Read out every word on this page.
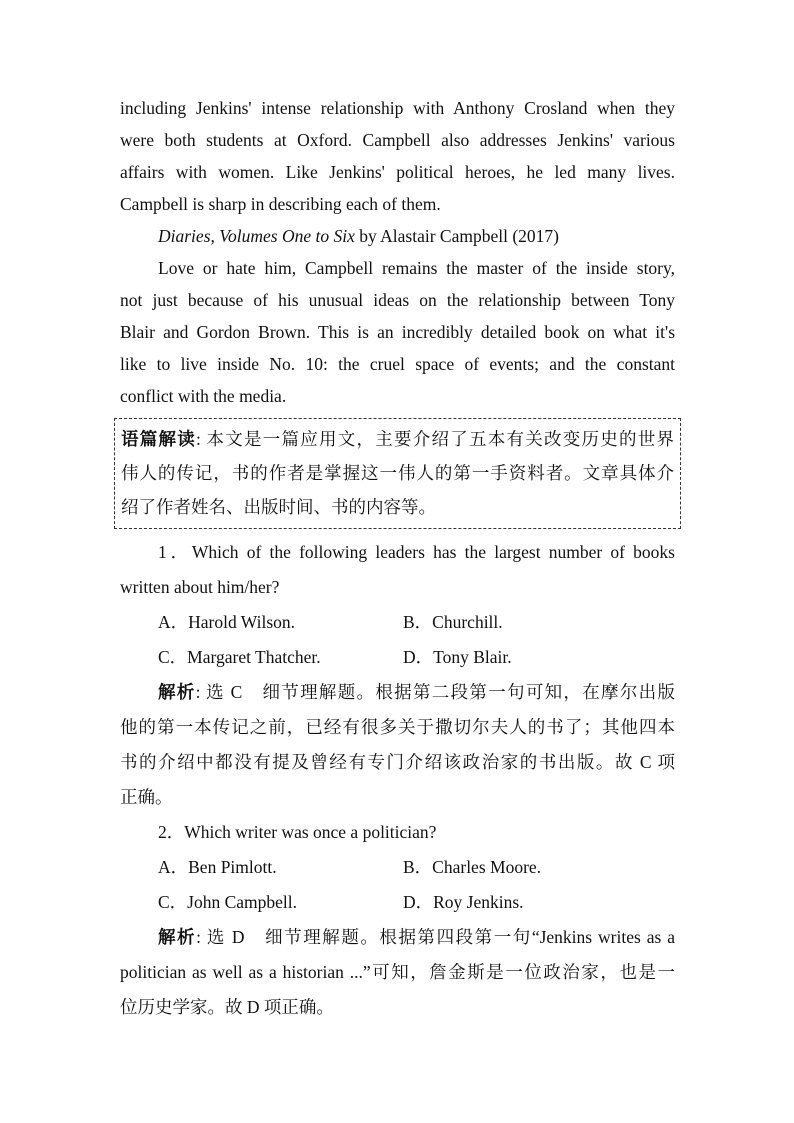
including Jenkins' intense relationship with Anthony Crosland when they
were both students at Oxford. Campbell also addresses Jenkins' various
affairs with women. Like Jenkins' political heroes, he led many lives.
Campbell is sharp in describing each of them.
Diaries, Volumes One to Six by Alastair Campbell (2017)
Love or hate him, Campbell remains the master of the inside story,
not just because of his unusual ideas on the relationship between Tony
Blair and Gordon Brown. This is an incredibly detailed book on what it's
like to live inside No. 10: the cruel space of events; and the constant
conflict with the media.
语篇解读: 本文是一篇应用文，主要介绍了五本有关改变历史的世界
伟人的传记，书的作者是掌握这一伟人的第一手资料者。文章具体介
绍了作者姓名、出版时间、书的内容等。
1．Which of the following leaders has the largest number of books
written about him/her?
A．Harold Wilson.	B．Churchill.
C．Margaret Thatcher.	D．Tony Blair.
解析: 选 C　细节理解题。根据第二段第一句可知，在摩尔出版
他的第一本传记之前，已经有很多关于撒切尔夫人的书了；其他四本
书的介绍中都没有提及曾经有专门介绍该政治家的书出版。故 C 项
正确。
2．Which writer was once a politician?
A．Ben Pimlott.	B．Charles Moore.
C．John Campbell.	D．Roy Jenkins.
解析: 选 D　细节理解题。根据第四段第一句“Jenkins writes as a
politician as well as a historian ...”可知，詹金斯是一位政治家，也是一
位历史学家。故 D 项正确。
